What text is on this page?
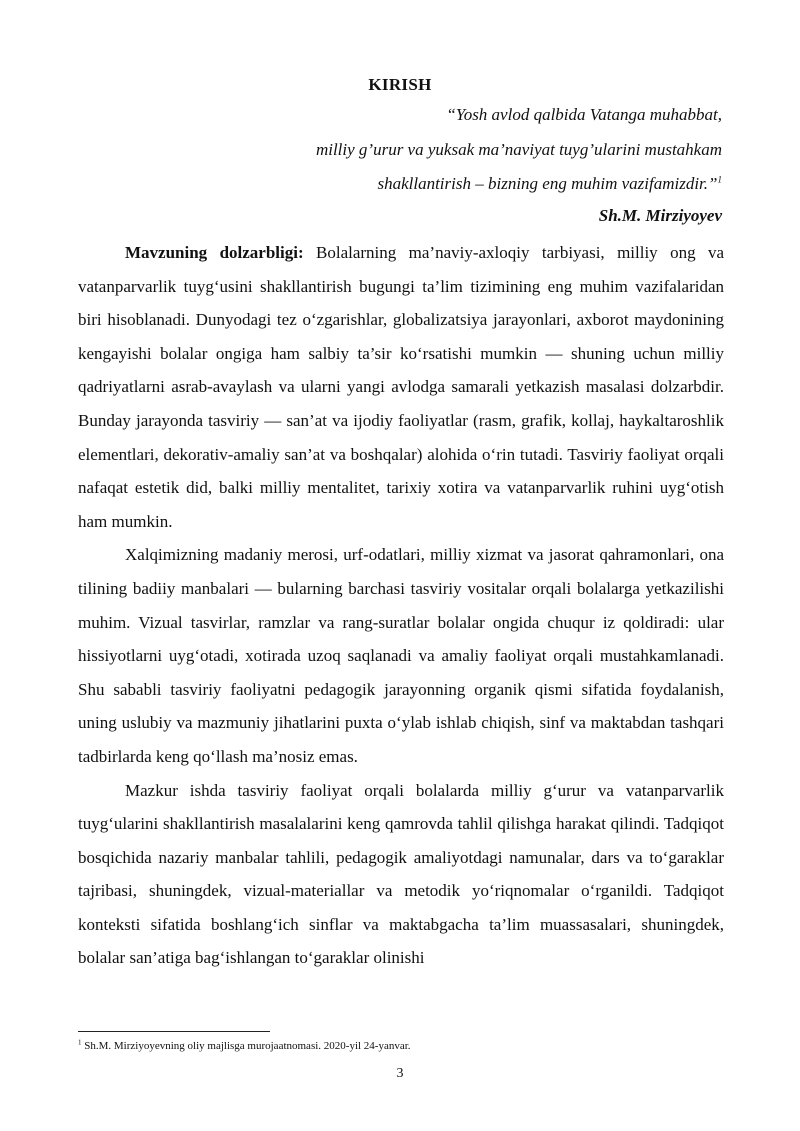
KIRISH
“Yosh avlod qalbida Vatanga muhabbat,
milliy g’urur va yuksak ma’naviyat tuyg’ularini mustahkam
shakllantirish – bizning eng muhim vazifamizdir.”$^1$
Sh.M. Mirziyoyev

Mavzuning dolzarbligi: Bolalarning ma’naviy-axloqiy tarbiyasi, milliy ong va vatanparvarlik tuyg‘usini shakllantirish bugungi ta’lim tizimining eng muhim vazifalaridan biri hisoblanadi. Dunyodagi tez o‘zgarishlar, globalizatsiya jarayonlari, axborot maydonining kengayishi bolalar ongiga ham salbiy ta’sir ko‘rsatishi mumkin — shuning uchun milliy qadriyatlarni asrab-avaylash va ularni yangi avlodga samarali yetkazish masalasi dolzarbdir. Bunday jarayonda tasviriy — san’at va ijodiy faoliyatlar (rasm, grafik, kollaj, haykaltaroshlik elementlari, dekorativ-amaliy san’at va boshqalar) alohida o‘rin tutadi. Tasviriy faoliyat orqali nafaqat estetik did, balki milliy mentalitet, tarixiy xotira va vatanparvarlik ruhini uyg‘otish ham mumkin.

Xalqimizning madaniy merosi, urf-odatlari, milliy xizmat va jasorat qahramonlari, ona tilining badiiy manbalari — bularning barchasi tasviriy vositalar orqali bolalarga yetkazilishi muhim. Vizual tasvirlar, ramzlar va rang-suratlar bolalar ongida chuqur iz qoldiradi: ular hissiyotlarni uyg‘otadi, xotirada uzoq saqlanadi va amaliy faoliyat orqali mustahkamlanadi. Shu sababli tasviriy faoliyatni pedagogik jarayonning organik qismi sifatida foydalanish, uning uslubiy va mazmuniy jihatlarini puxta o‘ylab ishlab chiqish, sinf va maktabdan tashqari tadbirlarda keng qo‘llash ma’nosiz emas.

Mazkur ishda tasviriy faoliyat orqali bolalarda milliy g‘urur va vatanparvarlik tuyg‘ularini shakllantirish masalalarini keng qamrovda tahlil qilishga harakat qilindi. Tadqiqot bosqichida nazariy manbalar tahlili, pedagogik amaliyotdagi namunalar, dars va to‘garaklar tajribasi, shuningdek, vizual-materiallar va metodik yo‘riqnomalar o‘rganildi. Tadqiqot konteksti sifatida boshlang‘ich sinflar va maktabgacha ta’lim muassasalari, shuningdek, bolalar san’atiga bag‘ishlangan to‘garaklar olinishi

$^1$ Sh.M. Mirziyoyevning oliy majlisga murojaatnomasi. 2020-yil 24-yanvar.
3
